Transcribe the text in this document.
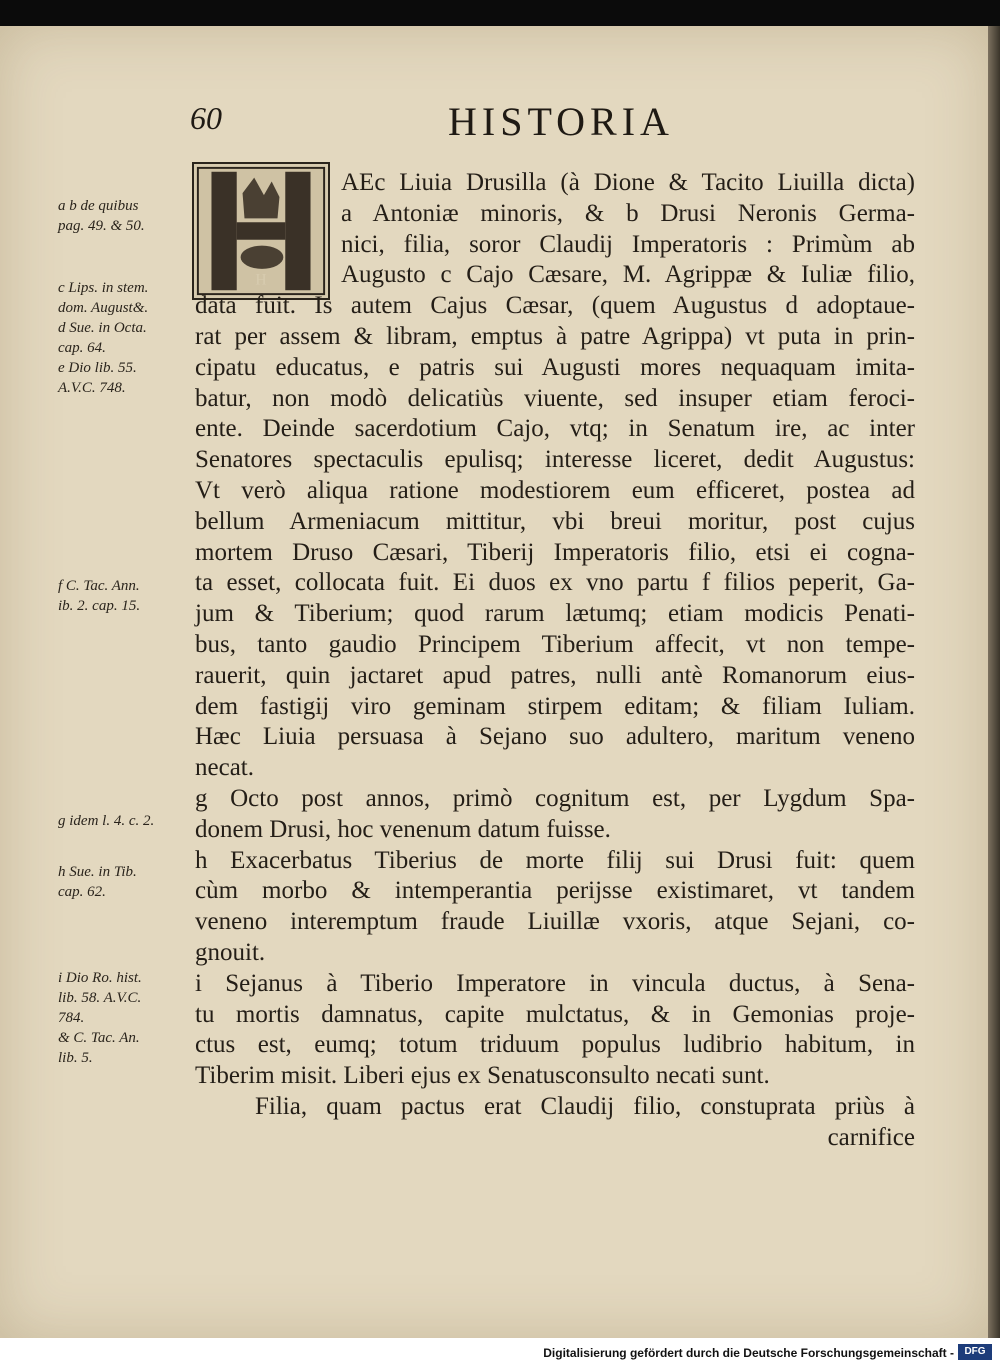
60	HISTORIA
H
AEc Liuia Drusilla (à Dione & Tacito Liuilla dicta)
a Antoniæ minoris, & b Drusi Neronis Germa-
nici, filia, soror Claudij Imperatoris : Primùm ab
Augusto c Cajo Cæsare, M. Agrippæ & Iuliæ filio,
data fuit. Is autem Cajus Cæsar, (quem Augustus d adoptaue-
rat per assem & libram, emptus à patre Agrippa) vt puta in prin-
cipatu educatus, e patris sui Augusti mores nequaquam imita-
batur, non modò delicatiùs viuente, sed insuper etiam feroci-
ente. Deinde sacerdotium Cajo, vtq; in Senatum ire, ac inter
Senatores spectaculis epulisq; interesse liceret, dedit Augustus:
Vt verò aliqua ratione modestiorem eum efficeret, postea ad
bellum Armeniacum mittitur, vbi breui moritur, post cujus
mortem Druso Cæsari, Tiberij Imperatoris filio, etsi ei cogna-
ta esset, collocata fuit. Ei duos ex vno partu f filios peperit, Ga-
jum & Tiberium; quod rarum lætumq; etiam modicis Penati-
bus, tanto gaudio Principem Tiberium affecit, vt non tempe-
rauerit, quin jactaret apud patres, nulli antè Romanorum eius-
dem fastigij viro geminam stirpem editam; & filiam Iuliam.
Hæc Liuia persuasa à Sejano suo adultero, maritum veneno
necat.
g Octo post annos, primò cognitum est, per Lygdum Spa-
donem Drusi, hoc venenum datum fuisse.
h Exacerbatus Tiberius de morte filij sui Drusi fuit: quem
cùm morbo & intemperantia perijsse existimaret, vt tandem
veneno interemptum fraude Liuillæ vxoris, atque Sejani, co-
gnouit.
i Sejanus à Tiberio Imperatore in vincula ductus, à Sena-
tu mortis damnatus, capite mulctatus, & in Gemonias proje-
ctus est, eumq; totum triduum populus ludibrio habitum, in
Tiberim misit. Liberi ejus ex Senatusconsulto necati sunt.
Filia, quam pactus erat Claudij filio, constuprata priùs à
carnifice
a b de quibus
pag. 49. & 50.
c Lips. in stem.
dom. August&.
d Sue. in Octa.
cap. 64.
e Dio lib. 55.
A.V.C. 748.
f C. Tac. Ann.
ib. 2. cap. 15.
g idem l. 4. c. 2.
h Sue. in Tib.
cap. 62.
i Dio Ro. hist.
lib. 58. A.V.C.
784.
& C. Tac. An.
lib. 5.
Digitalisierung gefördert durch die Deutsche Forschungsgemeinschaft -	DFG
